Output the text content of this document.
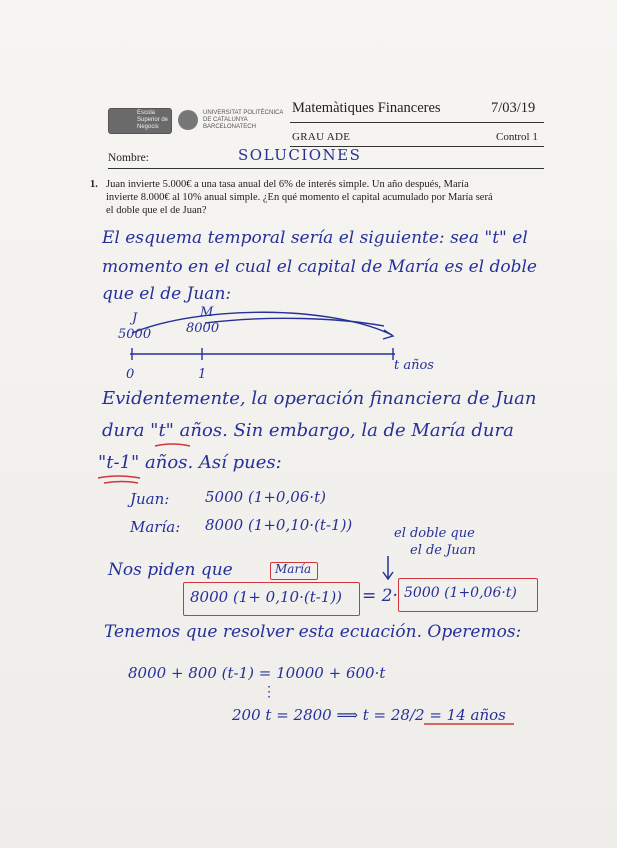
Escola
Superior de
Negocis
UNIVERSITAT POLITÈCNICA
DE CATALUNYA
BARCELONATECH
Matemàtiques Financeres	7/03/19
GRAU ADE	Control 1
Nombre:	SOLUCIONES
1. Juan invierte 5.000€ a una tasa anual del 6% de interés simple. Un año después, María
invierte 8.000€ al 10% anual simple. ¿En qué momento el capital acumulado por María será
el doble que el de Juan?
El esquema temporal sería el siguiente: sea "t" el
momento en el cual el capital de María es el doble
que el de Juan:
J	M
5000	8000
0	1
t años
Evidentemente, la operación financiera de Juan
dura "t" años. Sin embargo, la de María dura
"t-1" años. Así pues:
Juan: 5000 (1+0,06·t)
María: 8000 (1+0,10·(t-1))	el doble que
el de Juan
Nos piden que	María
8000 (1+ 0,10·(t-1)) = 2· 5000 (1+0,06·t)
Tenemos que resolver esta ecuación. Operemos:
8000 + 800 (t-1) = 10000 + 600·t
⋮
200 t = 2800 ⟹ t = 28/2 = 14 años
